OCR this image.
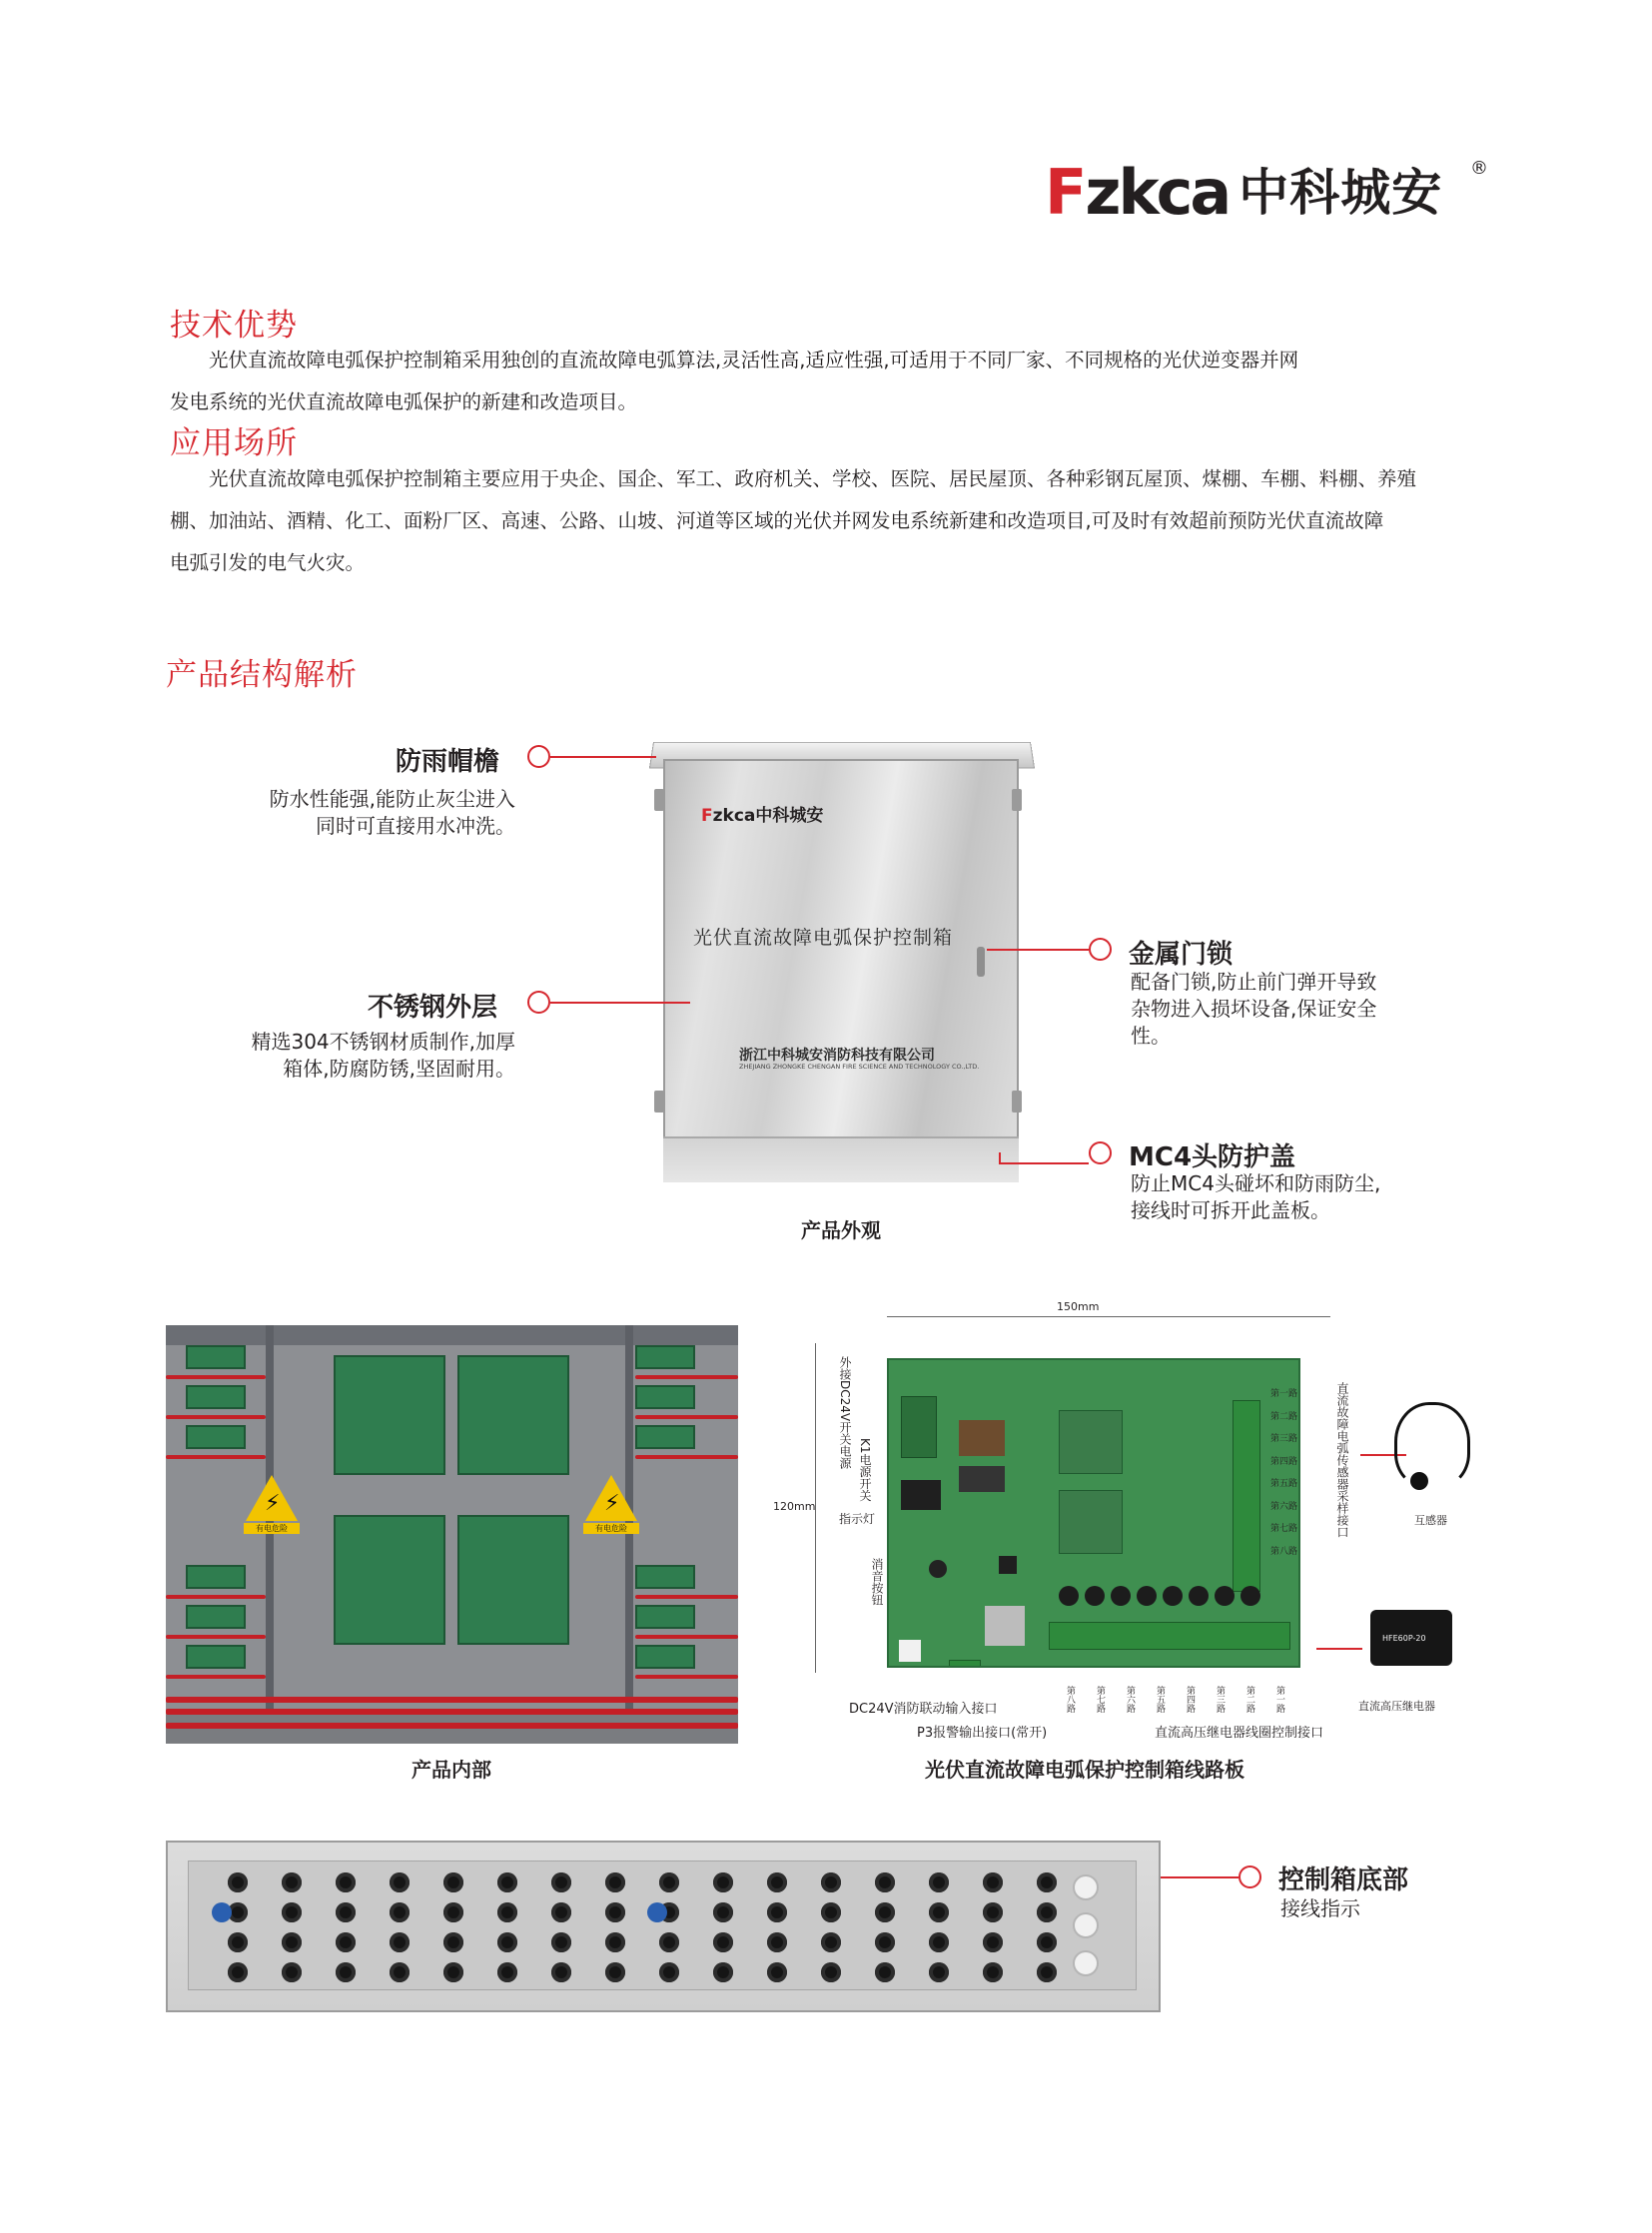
F zkca 中科城安 ®
技术优势
光伏直流故障电弧保护控制箱采用独创的直流故障电弧算法,灵活性高,适应性强,可适用于不同厂家、不同规格的光伏逆变器并网
发电系统的光伏直流故障电弧保护的新建和改造项目。
应用场所
光伏直流故障电弧保护控制箱主要应用于央企、国企、军工、政府机关、学校、医院、居民屋顶、各种彩钢瓦屋顶、煤棚、车棚、料棚、养殖
棚、加油站、酒精、化工、面粉厂区、高速、公路、山坡、河道等区域的光伏并网发电系统新建和改造项目,可及时有效超前预防光伏直流故障
电弧引发的电气火灾。
产品结构解析
Fzkca中科城安
光伏直流故障电弧保护控制箱
浙江中科城安消防科技有限公司
ZHEJIANG ZHONGKE CHENGAN FIRE SCIENCE AND TECHNOLOGY CO.,LTD.
防雨帽檐
防水性能强,能防止灰尘进入
同时可直接用水冲洗。
不锈钢外层
精选304不锈钢材质制作,加厚
箱体,防腐防锈,坚固耐用。
金属门锁
配备门锁,防止前门弹开导致
杂物进入损坏设备,保证安全
性。
MC4头防护盖
防止MC4头碰坏和防雨防尘,
接线时可拆开此盖板。
产品外观
⚡	⚡
有电危险	有电危险
产品内部
150mm
120mm
外接DC24V开关电源
K1电源开关
指示灯
消音按钮
第一路
第二路
第三路
第四路
第五路
第六路
第七路
第八路
直流故障电弧传感器采样接口
第八路	第七路	第六路	第五路	第四路	第三路	第二路	第一路
DC24V消防联动输入接口
P3报警输出接口(常开)	直流高压继电器线圈控制接口
互感器
HFE60P-20
直流高压继电器
光伏直流故障电弧保护控制箱线路板
控制箱底部
接线指示
